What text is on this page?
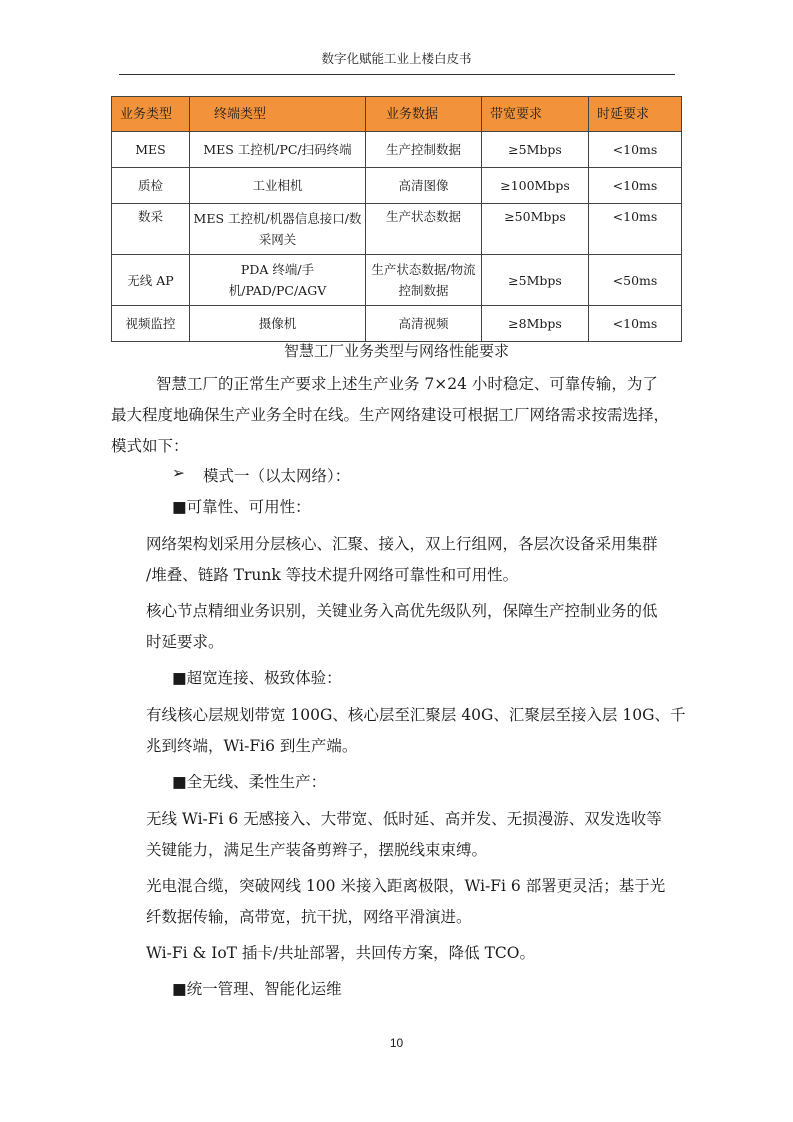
数字化赋能工业上楼白皮书
业务类型	终端类型	业务数据	带宽要求	时延要求
MES	MES 工控机/PC/扫码终端	生产控制数据	≥5Mbps	<10ms
质检	工业相机	高清图像	≥100Mbps	<10ms
数采	MES 工控机/机器信息接口/数采网关	生产状态数据	≥50Mbps	<10ms
无线 AP	PDA 终端/手机/PAD/PC/AGV	生产状态数据/物流控制数据	≥5Mbps	<50ms
视频监控	摄像机	高清视频	≥8Mbps	<10ms
智慧工厂业务类型与网络性能要求
智慧工厂的正常生产要求上述生产业务 7×24 小时稳定、可靠传输，为了
最大程度地确保生产业务全时在线。生产网络建设可根据工厂网络需求按需选择，
模式如下：
➢ 模式一（以太网络）：
■可靠性、可用性：
网络架构划采用分层核心、汇聚、接入，双上行组网，各层次设备采用集群
/堆叠、链路 Trunk 等技术提升网络可靠性和可用性。
核心节点精细业务识别，关键业务入高优先级队列，保障生产控制业务的低
时延要求。
■超宽连接、极致体验：
有线核心层规划带宽 100G、核心层至汇聚层 40G、汇聚层至接入层 10G、千
兆到终端，Wi-Fi6 到生产端。
■全无线、柔性生产：
无线 Wi-Fi 6 无感接入、大带宽、低时延、高并发、无损漫游、双发选收等
关键能力，满足生产装备剪辫子，摆脱线束束缚。
光电混合缆，突破网线 100 米接入距离极限，Wi-Fi 6 部署更灵活；基于光
纤数据传输，高带宽，抗干扰，网络平滑演进。
Wi-Fi & IoT 插卡/共址部署，共回传方案，降低 TCO。
■统一管理、智能化运维
10
